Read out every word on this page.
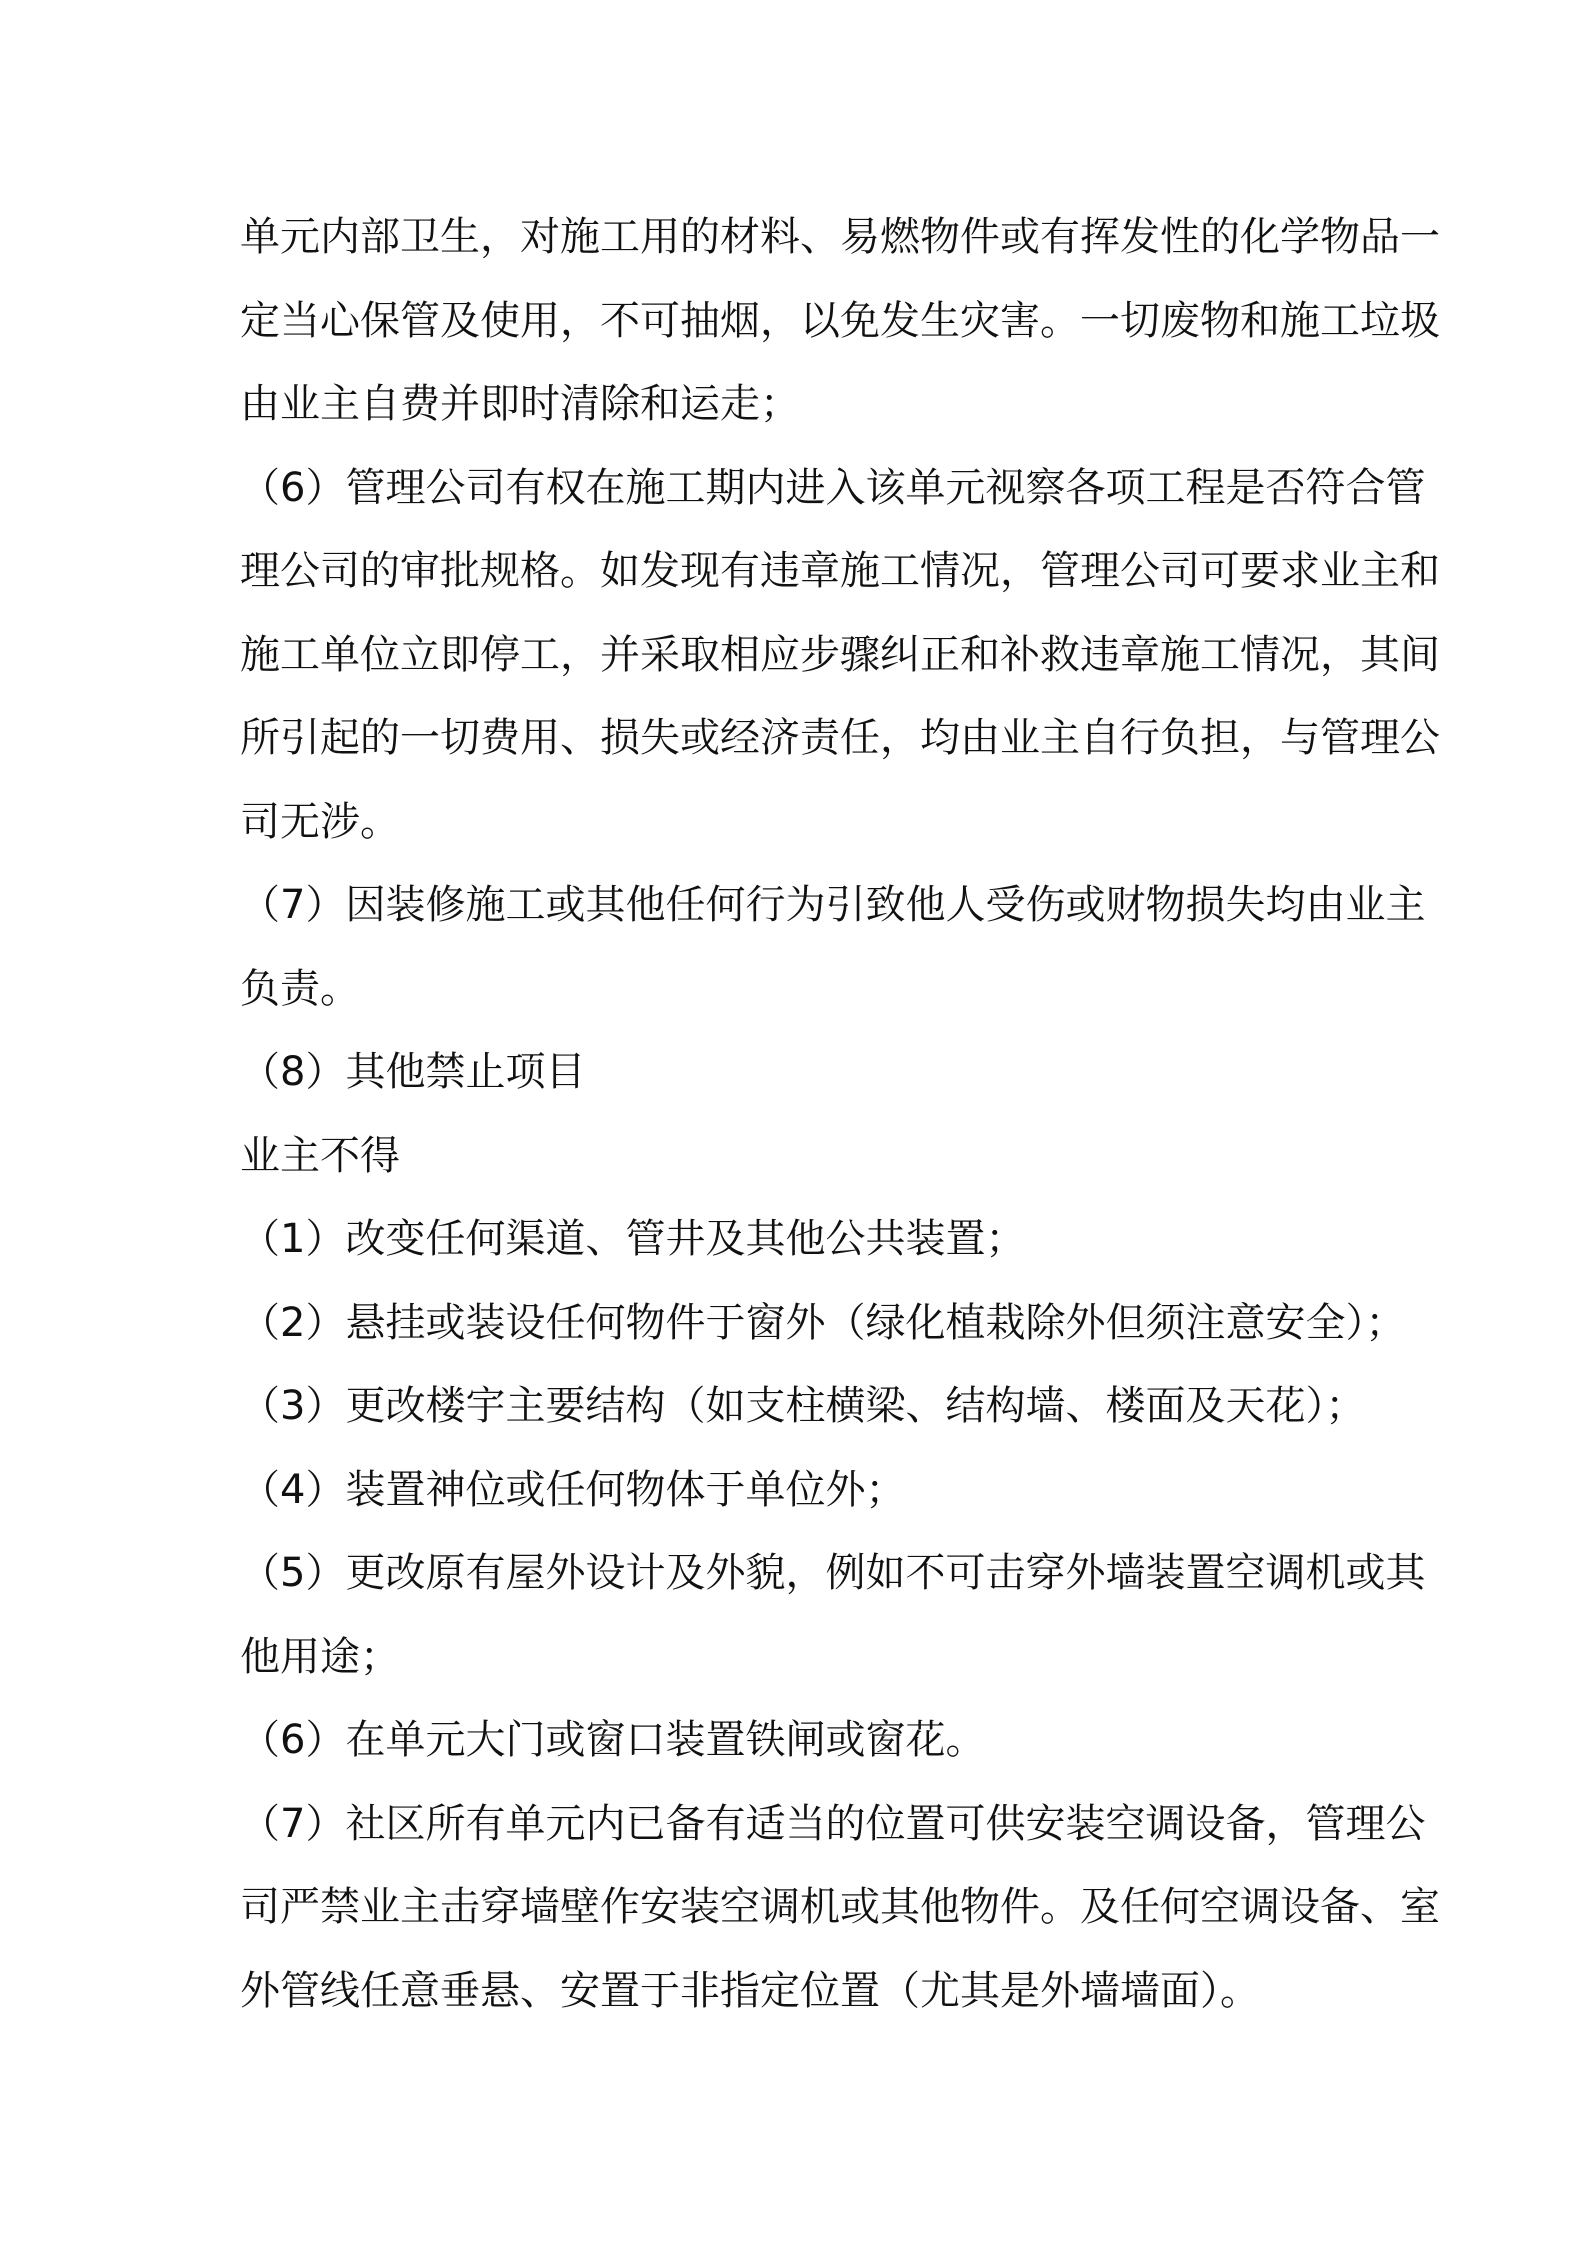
单元内部卫生，对施工用的材料、易燃物件或有挥发性的化学物品一
定当心保管及使用，不可抽烟，以免发生灾害。一切废物和施工垃圾
由业主自费并即时清除和运走；
（6）管理公司有权在施工期内进入该单元视察各项工程是否符合管
理公司的审批规格。如发现有违章施工情况，管理公司可要求业主和
施工单位立即停工，并采取相应步骤纠正和补救违章施工情况，其间
所引起的一切费用、损失或经济责任，均由业主自行负担，与管理公
司无涉。
（7）因装修施工或其他任何行为引致他人受伤或财物损失均由业主
负责。
（8）其他禁止项目
业主不得
（1）改变任何渠道、管井及其他公共装置；
（2）悬挂或装设任何物件于窗外（绿化植栽除外但须注意安全）；
（3）更改楼宇主要结构（如支柱横梁、结构墙、楼面及天花）；
（4）装置神位或任何物体于单位外；
（5）更改原有屋外设计及外貌，例如不可击穿外墙装置空调机或其
他用途；
（6）在单元大门或窗口装置铁闸或窗花。
（7）社区所有单元内已备有适当的位置可供安装空调设备，管理公
司严禁业主击穿墙壁作安装空调机或其他物件。及任何空调设备、室
外管线任意垂悬、安置于非指定位置（尤其是外墙墙面）。
